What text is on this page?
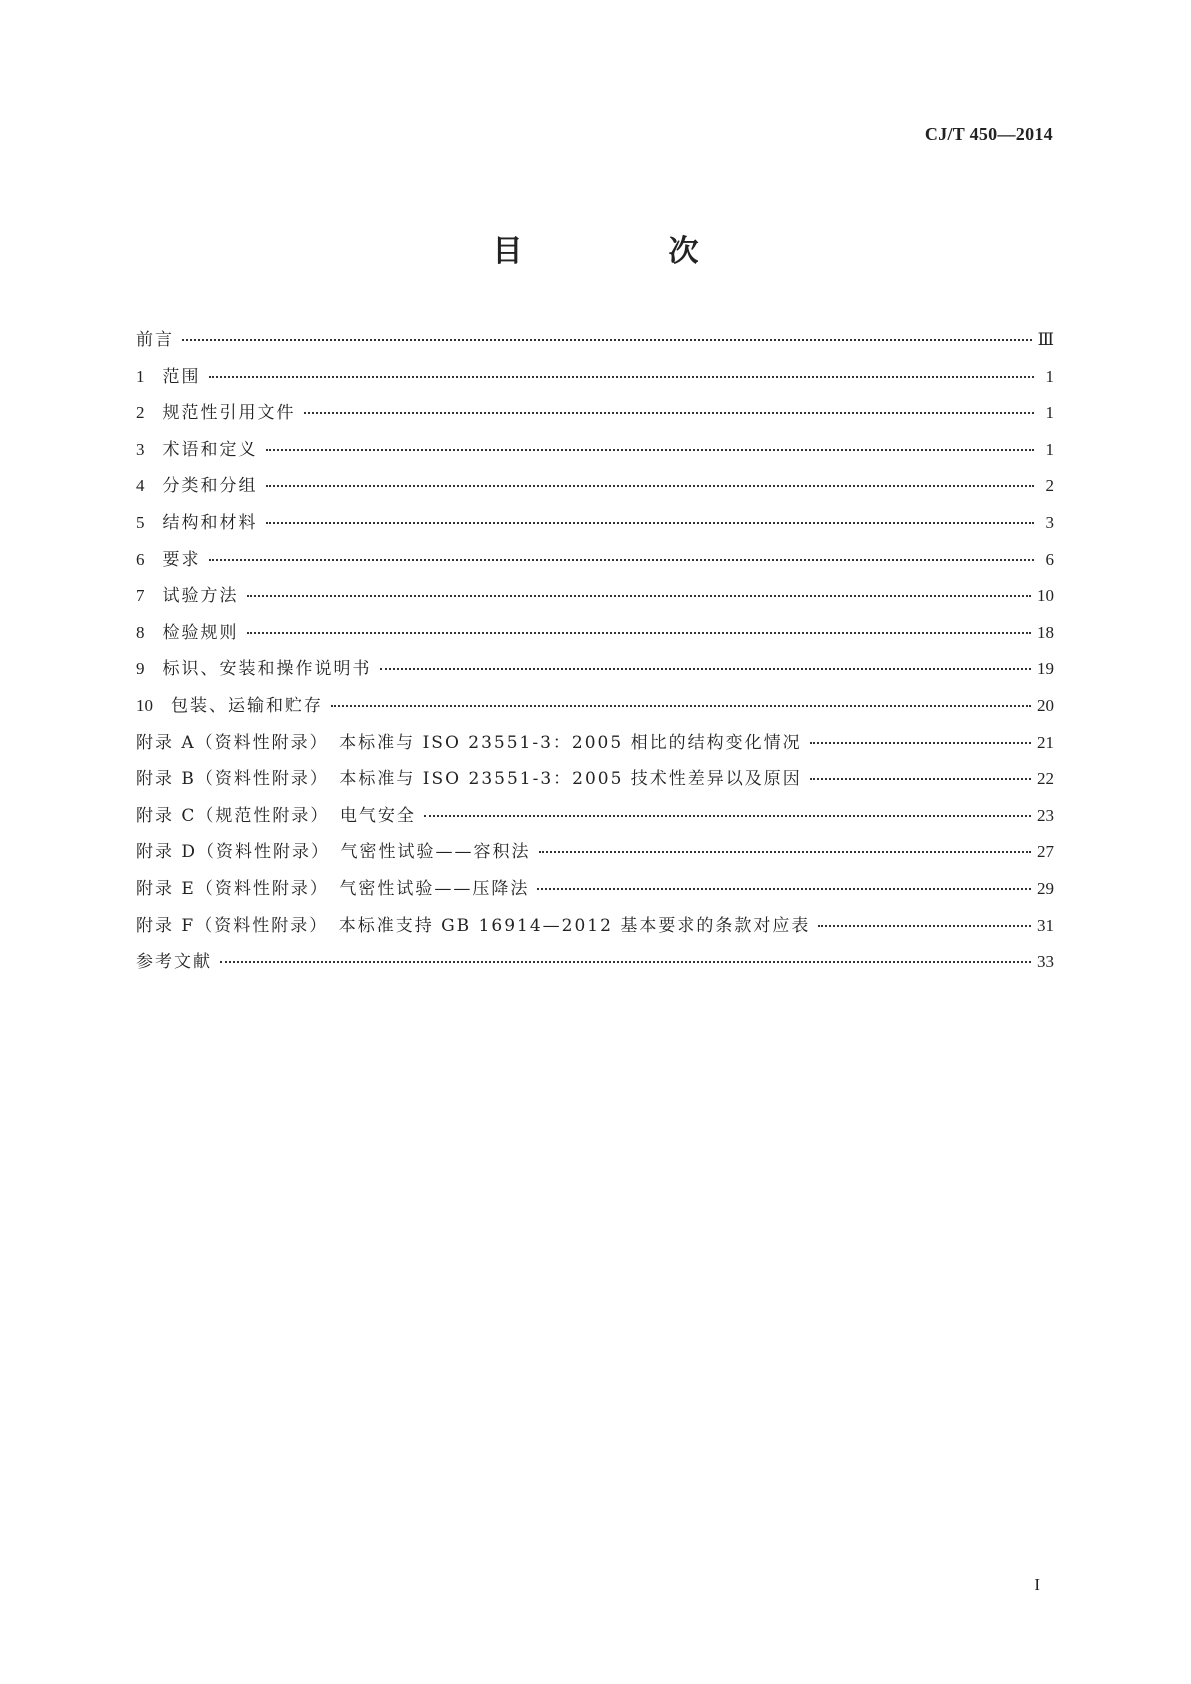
CJ/T 450—2014
目　次
前言	Ⅲ
1	范围	1
2	规范性引用文件	1
3	术语和定义	1
4	分类和分组	2
5	结构和材料	3
6	要求	6
7	试验方法	10
8	检验规则	18
9	标识、安装和操作说明书	19
10	包装、运输和贮存	20
附录 A（资料性附录）　本标准与 ISO 23551-3：2005 相比的结构变化情况	21
附录 B（资料性附录）　本标准与 ISO 23551-3：2005 技术性差异以及原因	22
附录 C（规范性附录）　电气安全	23
附录 D（资料性附录）　气密性试验——容积法	27
附录 E（资料性附录）　气密性试验——压降法	29
附录 F（资料性附录）　本标准支持 GB 16914—2012 基本要求的条款对应表	31
参考文献	33
I
